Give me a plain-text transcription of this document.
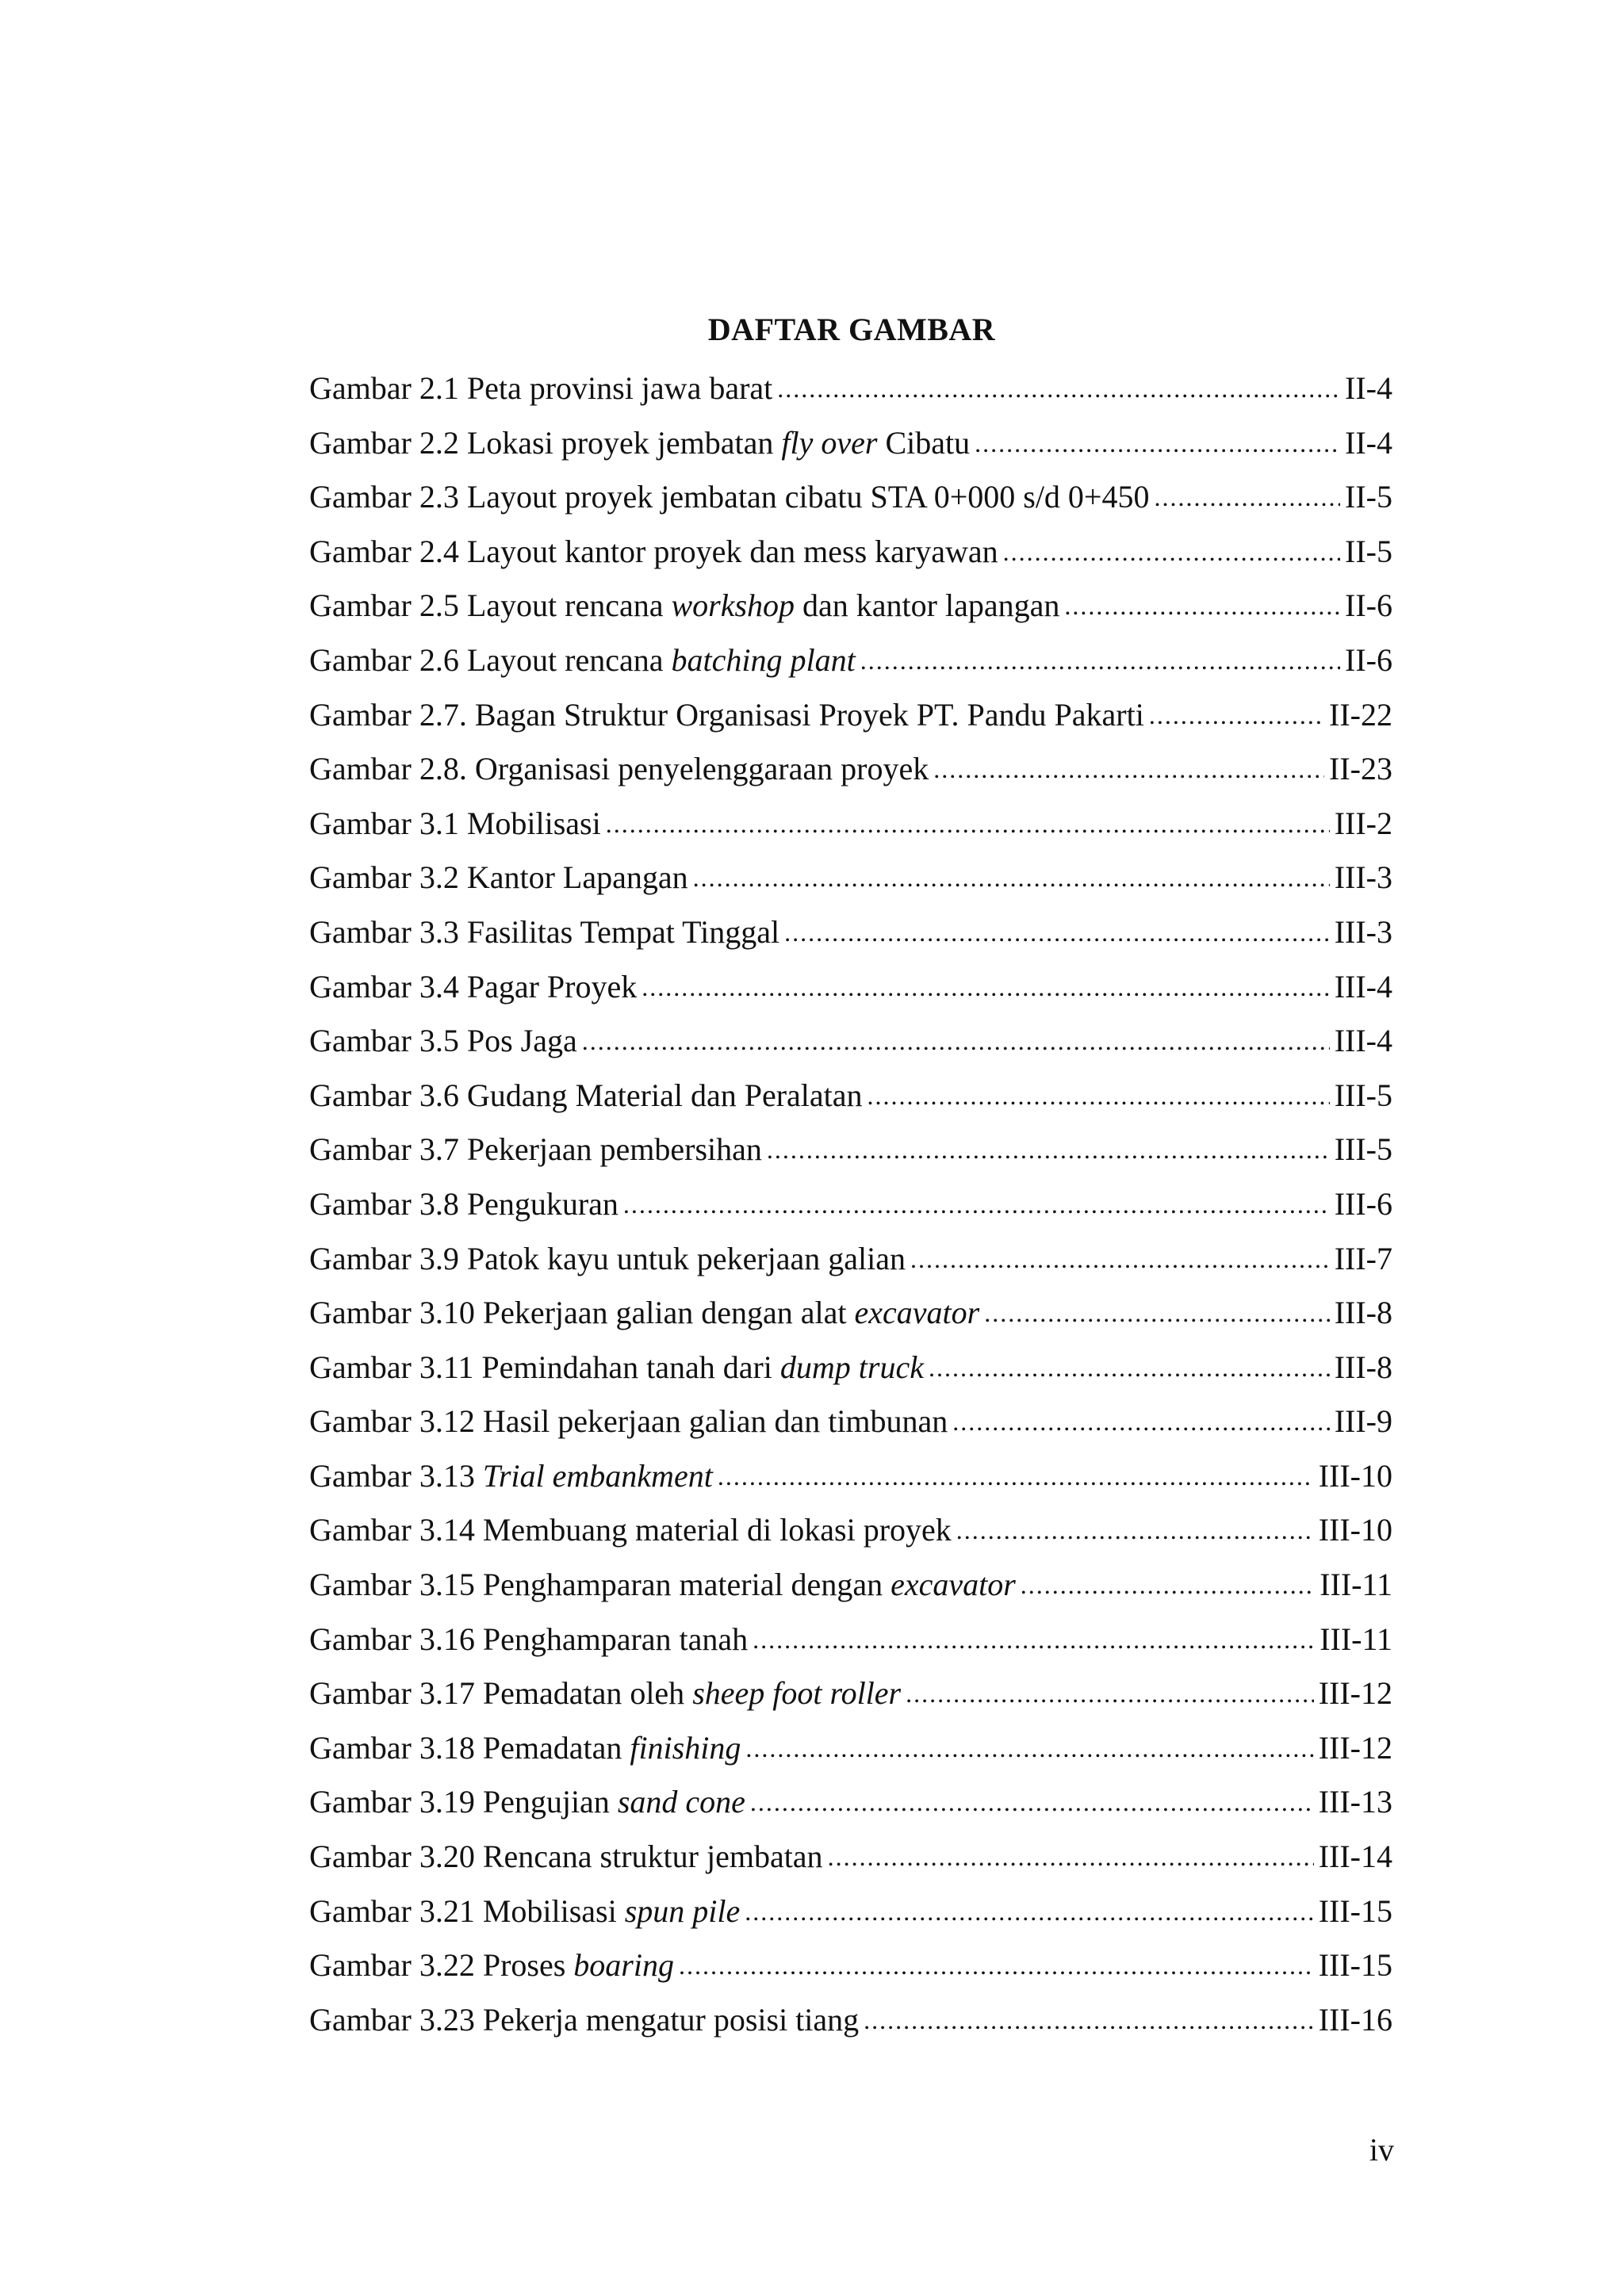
DAFTAR GAMBAR
Gambar 2.1 Peta provinsi jawa barat .....	II-4
Gambar 2.2 Lokasi proyek jembatan fly over Cibatu .....	II-4
Gambar 2.3 Layout proyek jembatan cibatu STA 0+000 s/d 0+450 .....	II-5
Gambar 2.4 Layout kantor proyek dan mess karyawan .....	II-5
Gambar 2.5 Layout rencana workshop dan kantor lapangan .....	II-6
Gambar 2.6 Layout rencana batching plant .....	II-6
Gambar 2.7. Bagan Struktur Organisasi Proyek PT. Pandu Pakarti .....	II-22
Gambar 2.8. Organisasi penyelenggaraan proyek .....	II-23
Gambar 3.1 Mobilisasi .....	III-2
Gambar 3.2 Kantor Lapangan .....	III-3
Gambar 3.3 Fasilitas Tempat Tinggal .....	III-3
Gambar 3.4 Pagar Proyek .....	III-4
Gambar 3.5 Pos Jaga .....	III-4
Gambar 3.6 Gudang Material dan Peralatan .....	III-5
Gambar 3.7 Pekerjaan pembersihan .....	III-5
Gambar 3.8 Pengukuran .....	III-6
Gambar 3.9 Patok kayu untuk pekerjaan galian .....	III-7
Gambar 3.10 Pekerjaan galian dengan alat excavator .....	III-8
Gambar 3.11 Pemindahan tanah dari dump truck .....	III-8
Gambar 3.12 Hasil pekerjaan galian dan timbunan .....	III-9
Gambar 3.13 Trial embankment .....	III-10
Gambar 3.14 Membuang material di lokasi proyek .....	III-10
Gambar 3.15 Penghamparan material dengan excavator .....	III-11
Gambar 3.16 Penghamparan tanah .....	III-11
Gambar 3.17 Pemadatan oleh sheep foot roller .....	III-12
Gambar 3.18 Pemadatan finishing .....	III-12
Gambar 3.19 Pengujian sand cone .....	III-13
Gambar 3.20 Rencana struktur jembatan .....	III-14
Gambar 3.21 Mobilisasi spun pile .....	III-15
Gambar 3.22 Proses boaring .....	III-15
Gambar 3.23 Pekerja mengatur posisi tiang .....	III-16
iv
